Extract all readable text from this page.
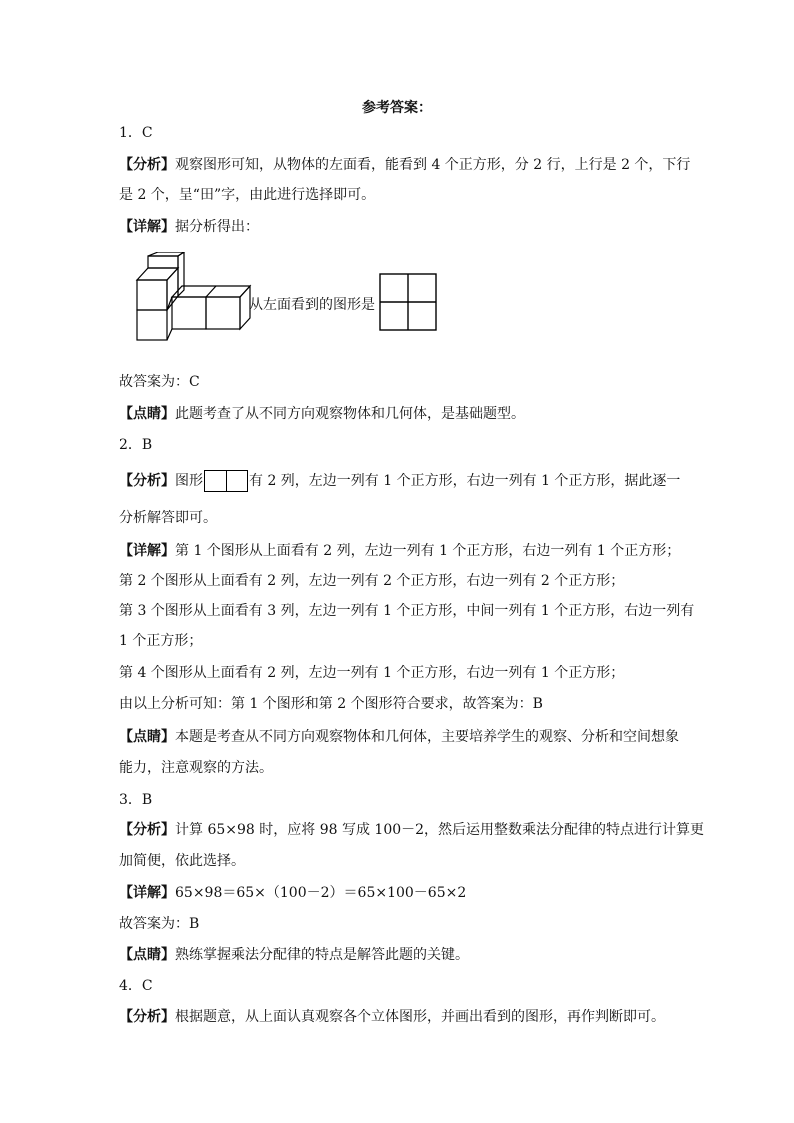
参考答案：
1．C
【分析】观察图形可知，从物体的左面看，能看到 4 个正方形，分 2 行，上行是 2 个，下行
是 2 个，呈“田”字，由此进行选择即可。
【详解】据分析得出：
从左面看到的图形是
故答案为：C
【点睛】此题考查了从不同方向观察物体和几何体，是基础题型。
2．B
【分析】图形	有 2 列，左边一列有 1 个正方形，右边一列有 1 个正方形，据此逐一
分析解答即可。
【详解】第 1 个图形从上面看有 2 列，左边一列有 1 个正方形，右边一列有 1 个正方形；
第 2 个图形从上面看有 2 列，左边一列有 2 个正方形，右边一列有 2 个正方形；
第 3 个图形从上面看有 3 列，左边一列有 1 个正方形，中间一列有 1 个正方形，右边一列有
1 个正方形；
第 4 个图形从上面看有 2 列，左边一列有 1 个正方形，右边一列有 1 个正方形；
由以上分析可知：第 1 个图形和第 2 个图形符合要求，故答案为：B
【点睛】本题是考查从不同方向观察物体和几何体，主要培养学生的观察、分析和空间想象
能力，注意观察的方法。
3．B
【分析】计算 65×98 时，应将 98 写成 100－2，然后运用整数乘法分配律的特点进行计算更
加简便，依此选择。
【详解】65×98＝65×（100－2）＝65×100－65×2
故答案为：B
【点睛】熟练掌握乘法分配律的特点是解答此题的关键。
4．C
【分析】根据题意，从上面认真观察各个立体图形，并画出看到的图形，再作判断即可。
